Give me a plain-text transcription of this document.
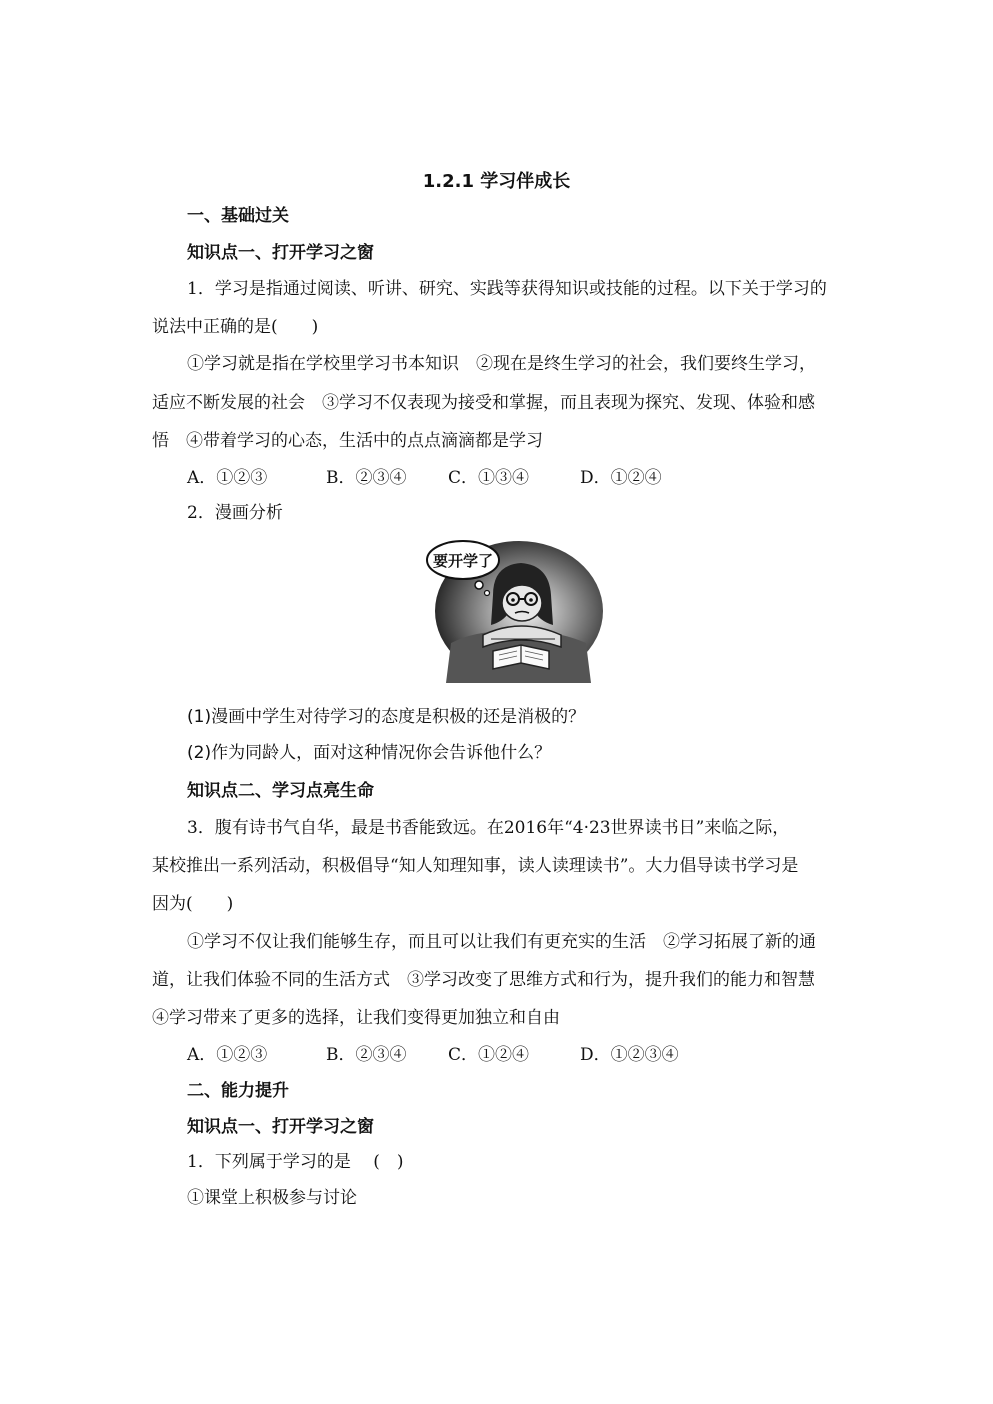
1.2.1 学习伴成长
一、基础过关
知识点一、打开学习之窗
1．学习是指通过阅读、听讲、研究、实践等获得知识或技能的过程。以下关于学习的
说法中正确的是(　　)
①学习就是指在学校里学习书本知识　②现在是终生学习的社会，我们要终生学习，
适应不断发展的社会　③学习不仅表现为接受和掌握，而且表现为探究、发现、体验和感
悟　④带着学习的心态，生活中的点点滴滴都是学习
A．①②③	B．②③④ C．①③④	D．①②④
2．漫画分析
要开学了
(1)漫画中学生对待学习的态度是积极的还是消极的？
(2)作为同龄人，面对这种情况你会告诉他什么？
知识点二、学习点亮生命
3．腹有诗书气自华，最是书香能致远。在2016年“4·23世界读书日”来临之际，
某校推出一系列活动，积极倡导“知人知理知事，读人读理读书”。大力倡导读书学习是
因为(　　)
①学习不仅让我们能够生存，而且可以让我们有更充实的生活　②学习拓展了新的通
道，让我们体验不同的生活方式　③学习改变了思维方式和行为，提升我们的能力和智慧
④学习带来了更多的选择，让我们变得更加独立和自由
A．①②③	B．②③④ C．①②④	D．①②③④
二、能力提升
知识点一、打开学习之窗
1．下列属于学习的是　 (　)
①课堂上积极参与讨论
